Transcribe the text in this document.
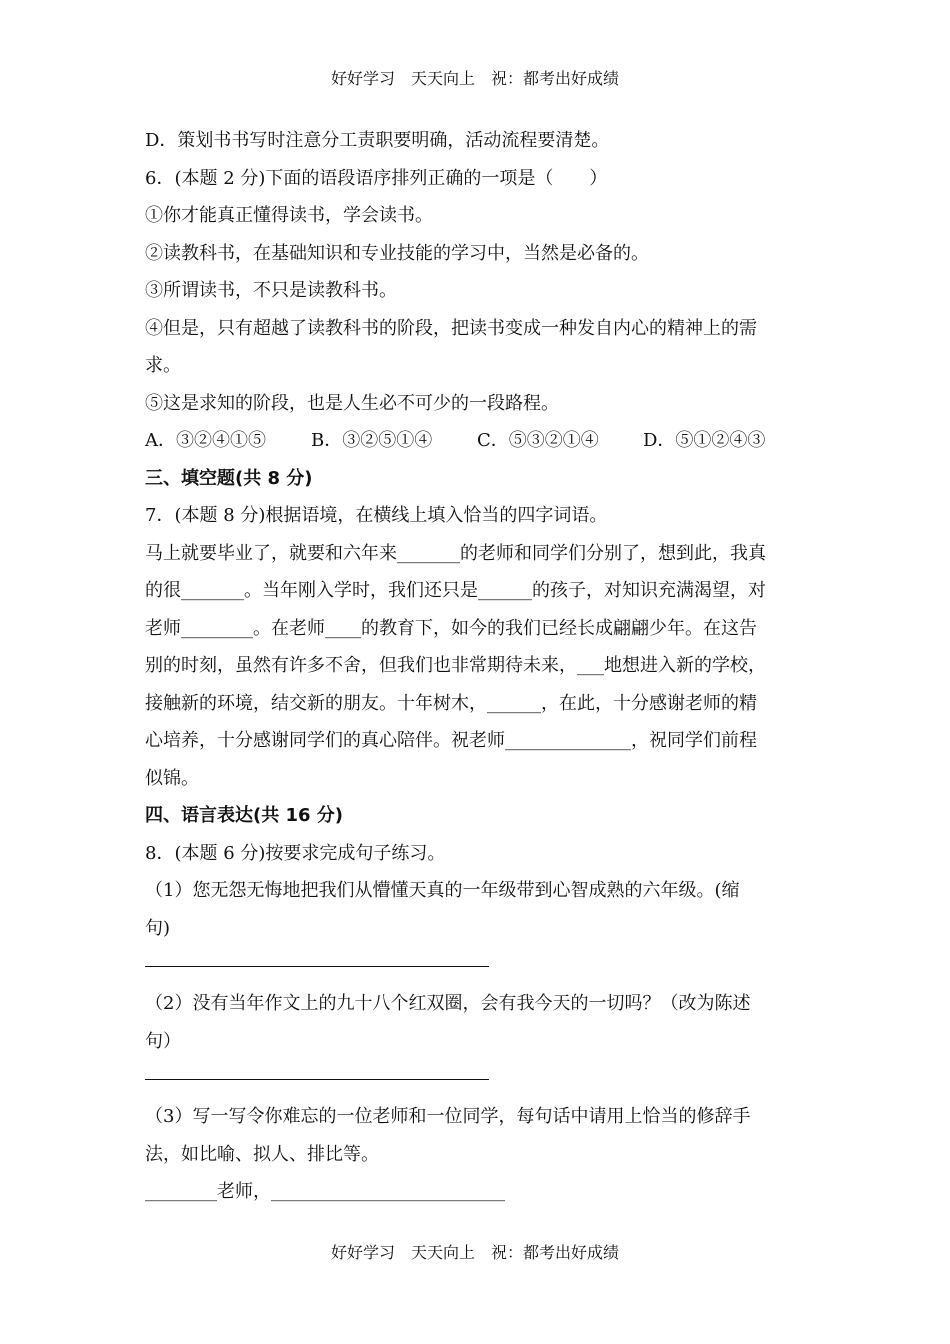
好好学习　天天向上　祝：都考出好成绩
D．策划书书写时注意分工责职要明确，活动流程要清楚。
6．(本题 2 分)下面的语段语序排列正确的一项是（　　）
①你才能真正懂得读书，学会读书。
②读教科书，在基础知识和专业技能的学习中，当然是必备的。
③所谓读书，不只是读教科书。
④但是，只有超越了读教科书的阶段，把读书变成一种发自内心的精神上的需
求。
⑤这是求知的阶段，也是人生必不可少的一段路程。
A．③②④①⑤	B．③②⑤①④	C．⑤③②①④	D．⑤①②④③
三、填空题(共 8 分)
7．(本题 8 分)根据语境，在横线上填入恰当的四字词语。
马上就要毕业了，就要和六年来_______的老师和同学们分别了，想到此，我真
的很_______。当年刚入学时，我们还只是______的孩子，对知识充满渴望，对
老师________。在老师____的教育下，如今的我们已经长成翩翩少年。在这告
别的时刻，虽然有许多不舍，但我们也非常期待未来，___地想进入新的学校，
接触新的环境，结交新的朋友。十年树木，______，在此，十分感谢老师的精
心培养，十分感谢同学们的真心陪伴。祝老师______________，祝同学们前程
似锦。
四、语言表达(共 16 分)
8．(本题 6 分)按要求完成句子练习。
（1）您无怨无悔地把我们从懵懂天真的一年级带到心智成熟的六年级。(缩
句)
（2）没有当年作文上的九十八个红双圈，会有我今天的一切吗？（改为陈述
句）
（3）写一写令你难忘的一位老师和一位同学，每句话中请用上恰当的修辞手
法，如比喻、拟人、排比等。
________老师，__________________________
好好学习　天天向上　祝：都考出好成绩
